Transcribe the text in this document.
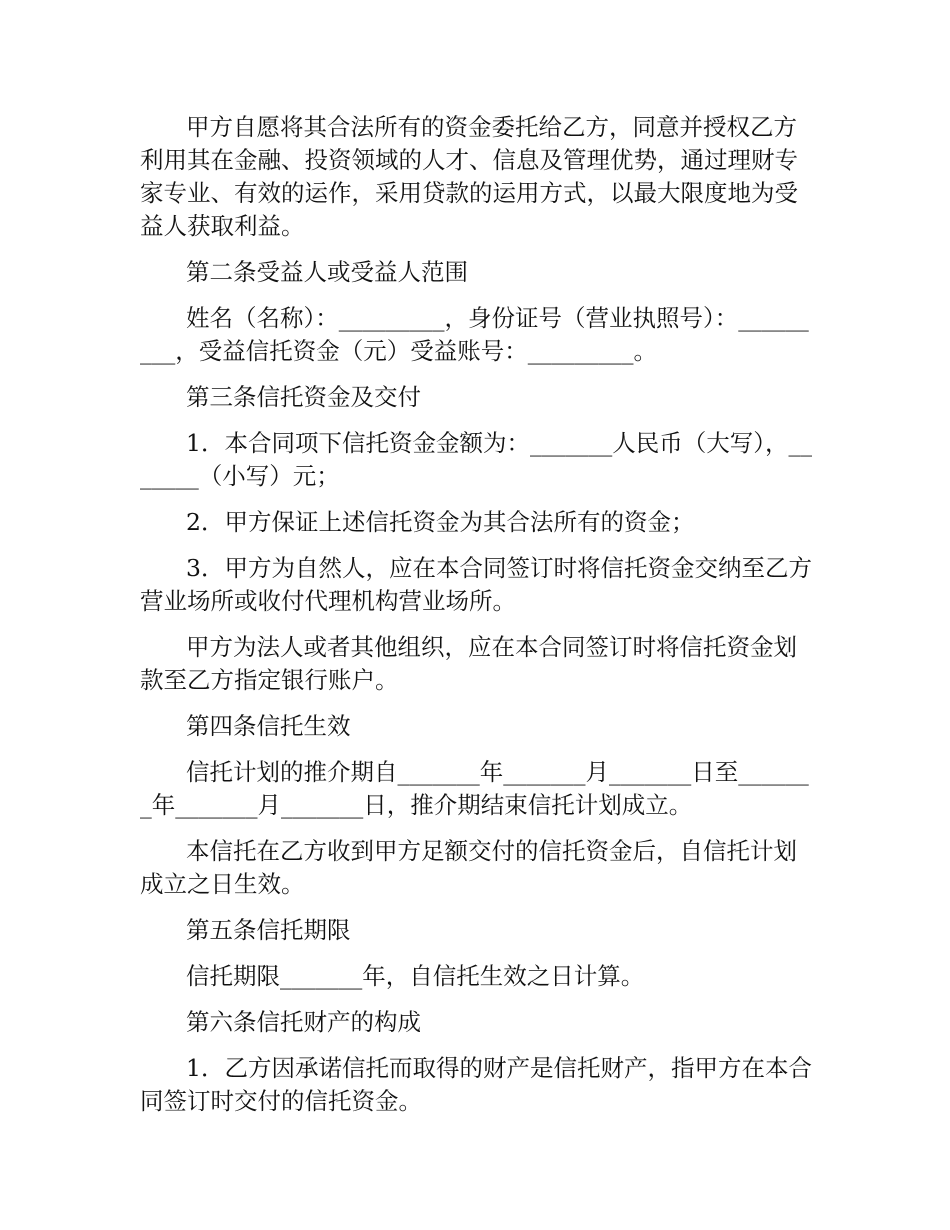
甲方自愿将其合法所有的资金委托给乙方，同意并授权乙方利用其在金融、投资领域的人才、信息及管理优势，通过理财专家专业、有效的运作，采用贷款的运用方式，以最大限度地为受益人获取利益。

第二条受益人或受益人范围

姓名（名称）：_________，身份证号（营业执照号）：_________，受益信托资金（元）受益账号：_________。

第三条信托资金及交付

1．本合同项下信托资金金额为：_______人民币（大写），_______（小写）元；

2．甲方保证上述信托资金为其合法所有的资金；

3．甲方为自然人，应在本合同签订时将信托资金交纳至乙方营业场所或收付代理机构营业场所。

甲方为法人或者其他组织，应在本合同签订时将信托资金划款至乙方指定银行账户。

第四条信托生效

信托计划的推介期自_______年_______月_______日至_______年_______月_______日，推介期结束信托计划成立。

本信托在乙方收到甲方足额交付的信托资金后，自信托计划成立之日生效。

第五条信托期限

信托期限_______年，自信托生效之日计算。

第六条信托财产的构成

1．乙方因承诺信托而取得的财产是信托财产，指甲方在本合同签订时交付的信托资金。
